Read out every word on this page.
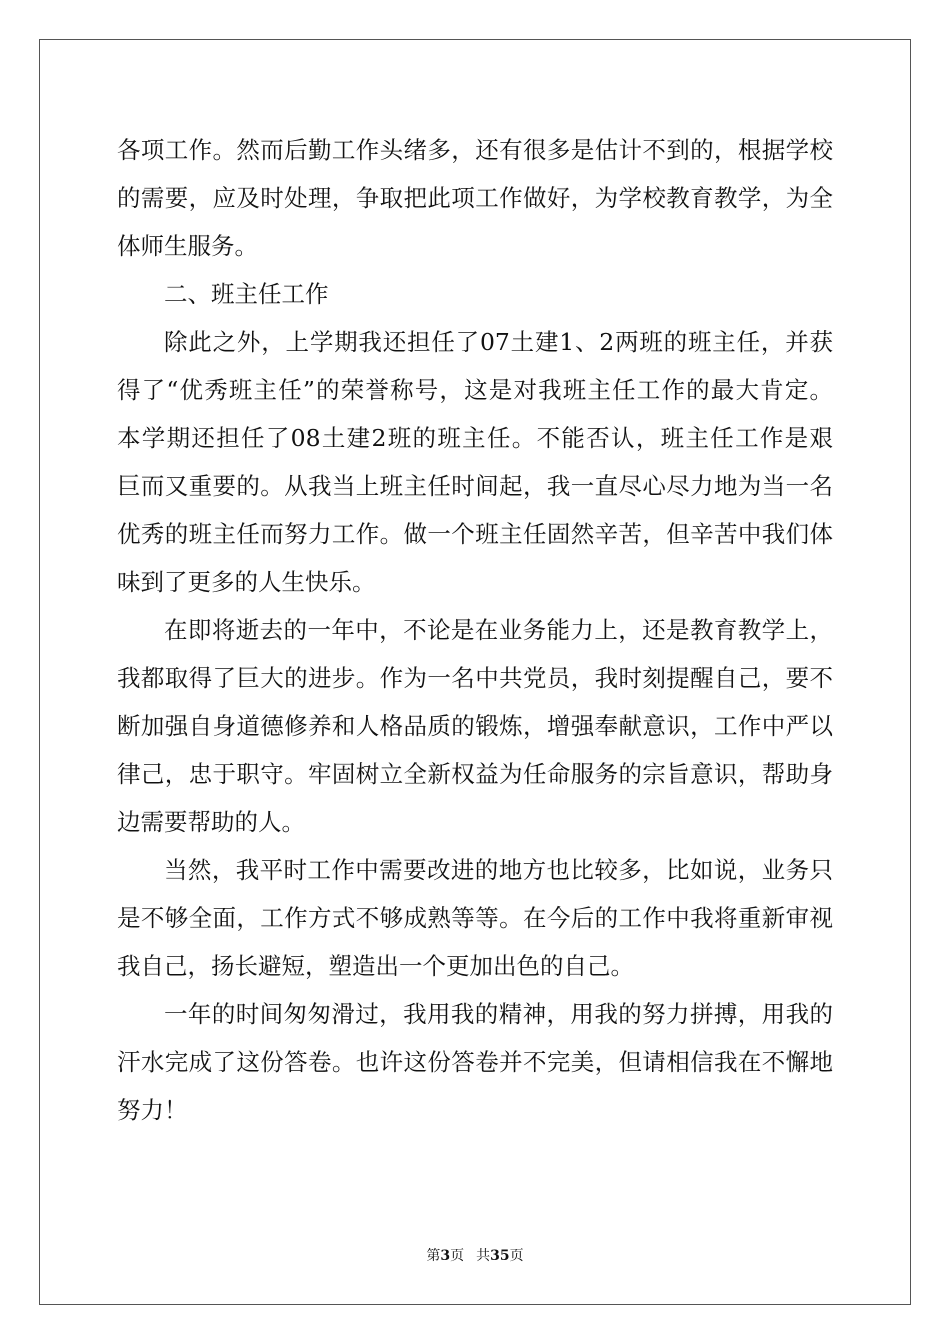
各项工作。然而后勤工作头绪多，还有很多是估计不到的，根据学校
的需要，应及时处理，争取把此项工作做好，为学校教育教学，为全
体师生服务。
二、班主任工作
除此之外，上学期我还担任了07土建1、2两班的班主任，并获
得了“优秀班主任”的荣誉称号，这是对我班主任工作的最大肯定。
本学期还担任了08土建2班的班主任。不能否认，班主任工作是艰
巨而又重要的。从我当上班主任时间起，我一直尽心尽力地为当一名
优秀的班主任而努力工作。做一个班主任固然辛苦，但辛苦中我们体
味到了更多的人生快乐。
在即将逝去的一年中，不论是在业务能力上，还是教育教学上，
我都取得了巨大的进步。作为一名中共党员，我时刻提醒自己，要不
断加强自身道德修养和人格品质的锻炼，增强奉献意识，工作中严以
律己，忠于职守。牢固树立全新权益为任命服务的宗旨意识，帮助身
边需要帮助的人。
当然，我平时工作中需要改进的地方也比较多，比如说，业务只
是不够全面，工作方式不够成熟等等。在今后的工作中我将重新审视
我自己，扬长避短，塑造出一个更加出色的自己。
一年的时间匆匆滑过，我用我的精神，用我的努力拼搏，用我的
汗水完成了这份答卷。也许这份答卷并不完美，但请相信我在不懈地
努力！
第3页 共35页
